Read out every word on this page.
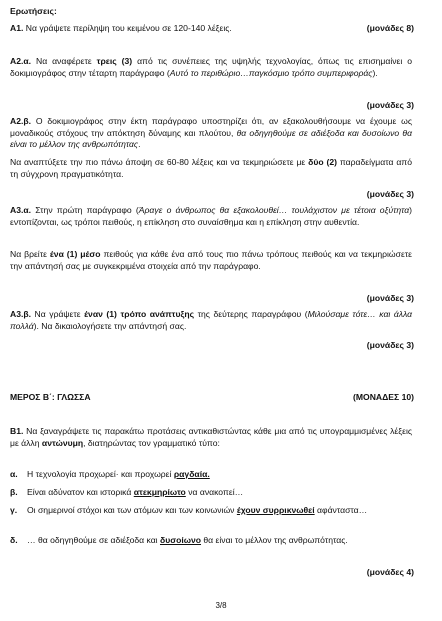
Ερωτήσεις:
Α1. Να γράψετε περίληψη του κειμένου σε 120-140 λέξεις.	(μονάδες 8)
Α2.α. Να αναφέρετε τρεις (3) από τις συνέπειες της υψηλής τεχνολογίας, όπως τις επισημαίνει ο δοκιμιογράφος στην τέταρτη παράγραφο (Αυτό το περιθώριο…παγκόσμιο τρόπο συμπεριφοράς).
(μονάδες 3)
Α2.β. Ο δοκιμιογράφος στην έκτη παράγραφο υποστηρίζει ότι, αν εξακολουθήσουμε να έχουμε ως μοναδικούς στόχους την απόκτηση δύναμης και πλούτου, θα οδηγηθούμε σε αδιέξοδα και δυσοίωνο θα είναι το μέλλον της ανθρωπότητας.
Να αναπτύξετε την πιο πάνω άποψη σε 60-80 λέξεις και να τεκμηριώσετε με δύο (2) παραδείγματα από τη σύγχρονη πραγματικότητα.
(μονάδες 3)
Α3.α. Στην πρώτη παράγραφο (Άραγε ο άνθρωπος θα εξακολουθεί… τουλάχιστον με τέτοια οξύτητα) εντοπίζονται, ως τρόποι πειθούς, η επίκληση στο συναίσθημα και η επίκληση στην αυθεντία.
Να βρείτε ένα (1) μέσο πειθούς για κάθε ένα από τους πιο πάνω τρόπους πειθούς και να τεκμηριώσετε την απάντησή σας με συγκεκριμένα στοιχεία από την παράγραφο.
(μονάδες 3)
Α3.β. Να γράψετε έναν (1) τρόπο ανάπτυξης της δεύτερης παραγράφου (Μιλούσαμε τότε… και άλλα πολλά). Να δικαιολογήσετε την απάντησή σας.
(μονάδες 3)
ΜΕΡΟΣ Β΄: ΓΛΩΣΣΑ	(ΜΟΝΑΔΕΣ 10)
Β1. Να ξαναγράψετε τις παρακάτω προτάσεις αντικαθιστώντας κάθε μια από τις υπογραμμισμένες λέξεις με άλλη αντώνυμη, διατηρώντας τον γραμματικό τύπο:
α. Η τεχνολογία προχωρεί· και προχωρεί ραγδαία.
β. Είναι αδύνατον και ιστορικά ατεκμηρίωτο να ανακοπεί…
γ. Οι σημερινοί στόχοι και των ατόμων και των κοινωνιών έχουν συρρικνωθεί αφάνταστα…
δ. … θα οδηγηθούμε σε αδιέξοδα και δυσοίωνο θα είναι το μέλλον της ανθρωπότητας.
(μονάδες 4)
3/8
